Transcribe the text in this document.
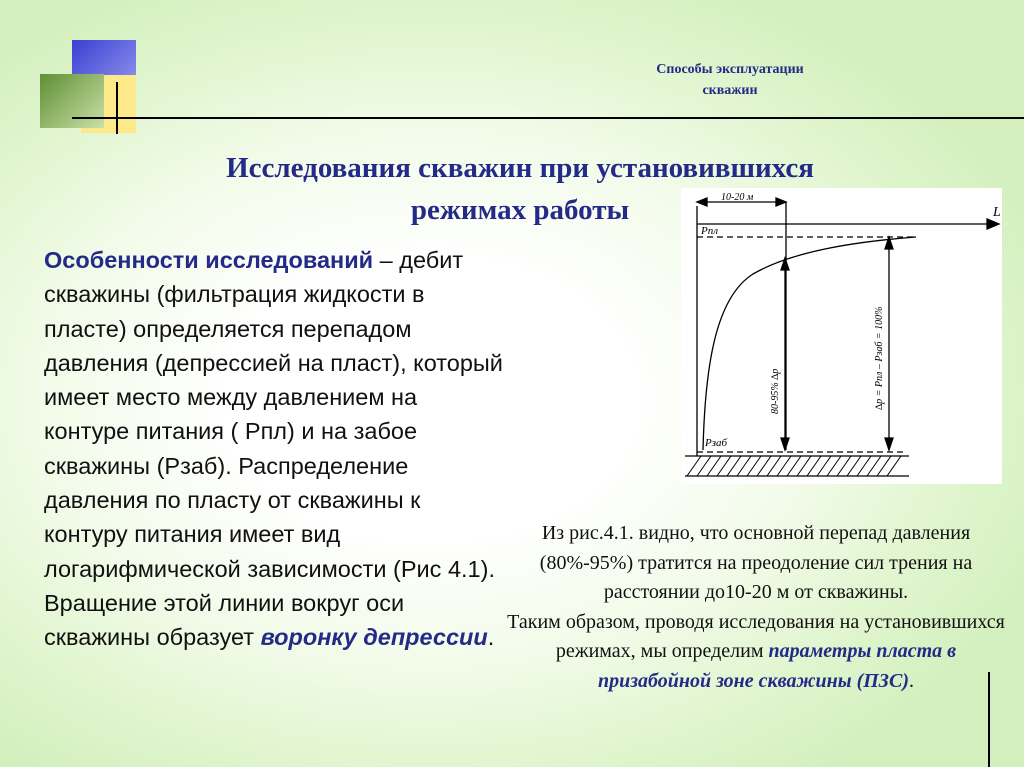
Способы эксплуатации
скважин
Исследования скважин при установившихся
режимах работы
Особенности исследований – дебит скважины (фильтрация жидкости в пласте) определяется перепадом давления (депрессией на пласт), который имеет место между давлением на контуре питания ( Рпл) и на забое скважины (Рзаб). Распределение давления по пласту от скважины к контуру питания имеет вид логарифмической зависимости (Рис 4.1). Вращение этой линии вокруг оси скважины образует воронку депрессии.
10-20 м
L
Pпл
Pзаб
80-95% ∆p	∆p = Pпл – Pзаб = 100%
Из рис.4.1. видно, что основной перепад давления (80%-95%) тратится на преодоление сил трения на расстоянии до10-20 м от скважины.
Таким образом, проводя исследования на установившихся режимах, мы определим параметры пласта в призабойной зоне скважины (ПЗС).
